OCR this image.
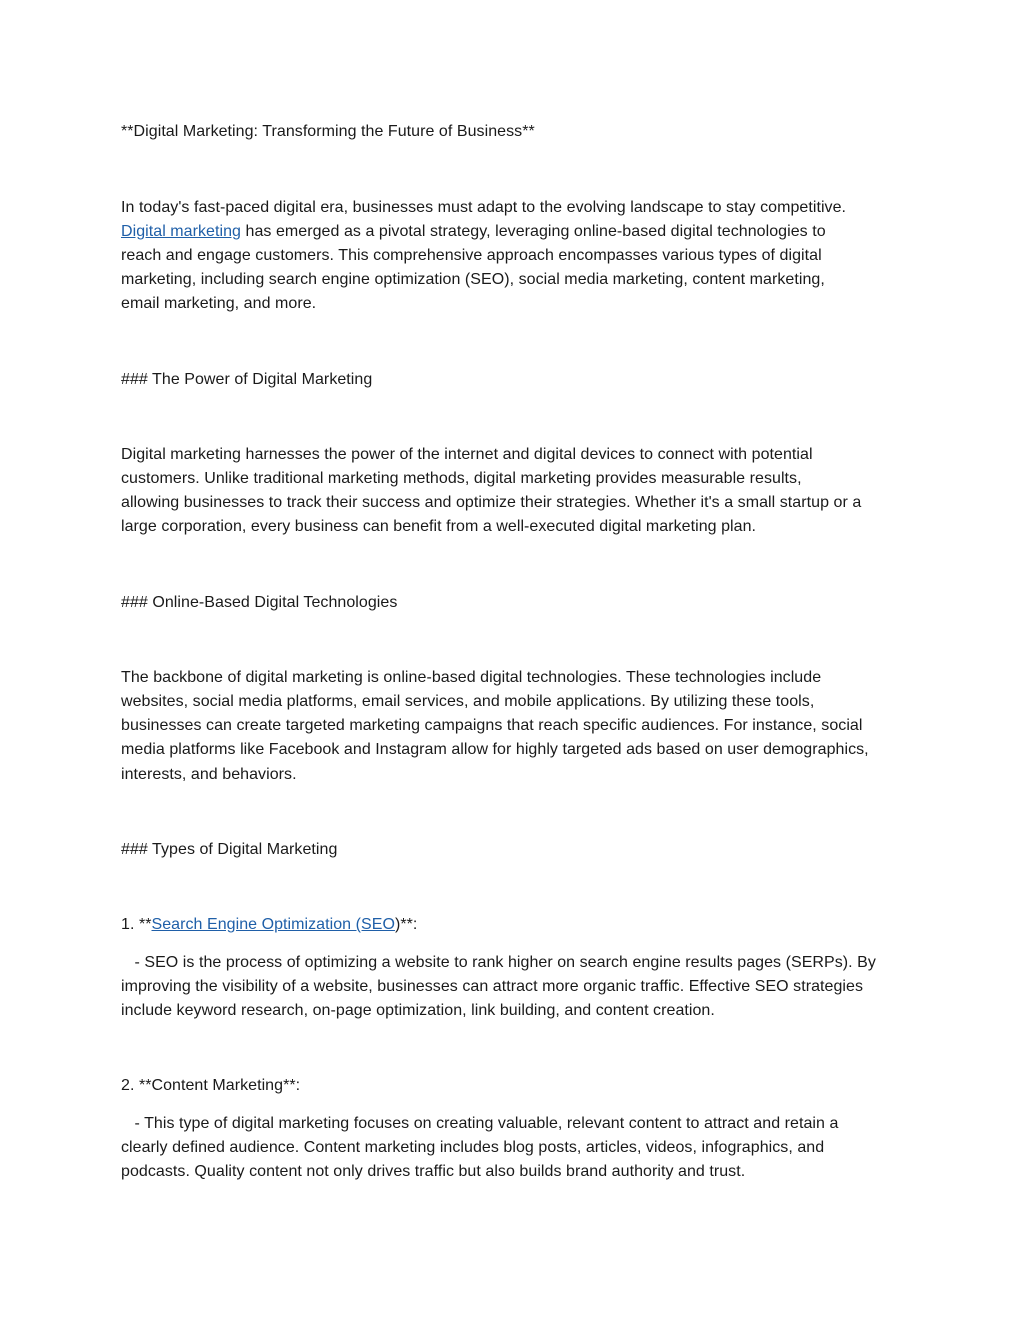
**Digital Marketing: Transforming the Future of Business**

In today's fast-paced digital era, businesses must adapt to the evolving landscape to stay competitive.

Digital marketing has emerged as a pivotal strategy, leveraging online-based digital technologies to

reach and engage customers. This comprehensive approach encompasses various types of digital

marketing, including search engine optimization (SEO), social media marketing, content marketing,

email marketing, and more.

### The Power of Digital Marketing

Digital marketing harnesses the power of the internet and digital devices to connect with potential

customers. Unlike traditional marketing methods, digital marketing provides measurable results,

allowing businesses to track their success and optimize their strategies. Whether it's a small startup or a

large corporation, every business can benefit from a well-executed digital marketing plan.

### Online-Based Digital Technologies

The backbone of digital marketing is online-based digital technologies. These technologies include

websites, social media platforms, email services, and mobile applications. By utilizing these tools,

businesses can create targeted marketing campaigns that reach specific audiences. For instance, social

media platforms like Facebook and Instagram allow for highly targeted ads based on user demographics,

interests, and behaviors.

### Types of Digital Marketing

1. **Search Engine Optimization (SEO)**:

- SEO is the process of optimizing a website to rank higher on search engine results pages (SERPs). By

improving the visibility of a website, businesses can attract more organic traffic. Effective SEO strategies

include keyword research, on-page optimization, link building, and content creation.

2. **Content Marketing**:

- This type of digital marketing focuses on creating valuable, relevant content to attract and retain a

clearly defined audience. Content marketing includes blog posts, articles, videos, infographics, and

podcasts. Quality content not only drives traffic but also builds brand authority and trust.
